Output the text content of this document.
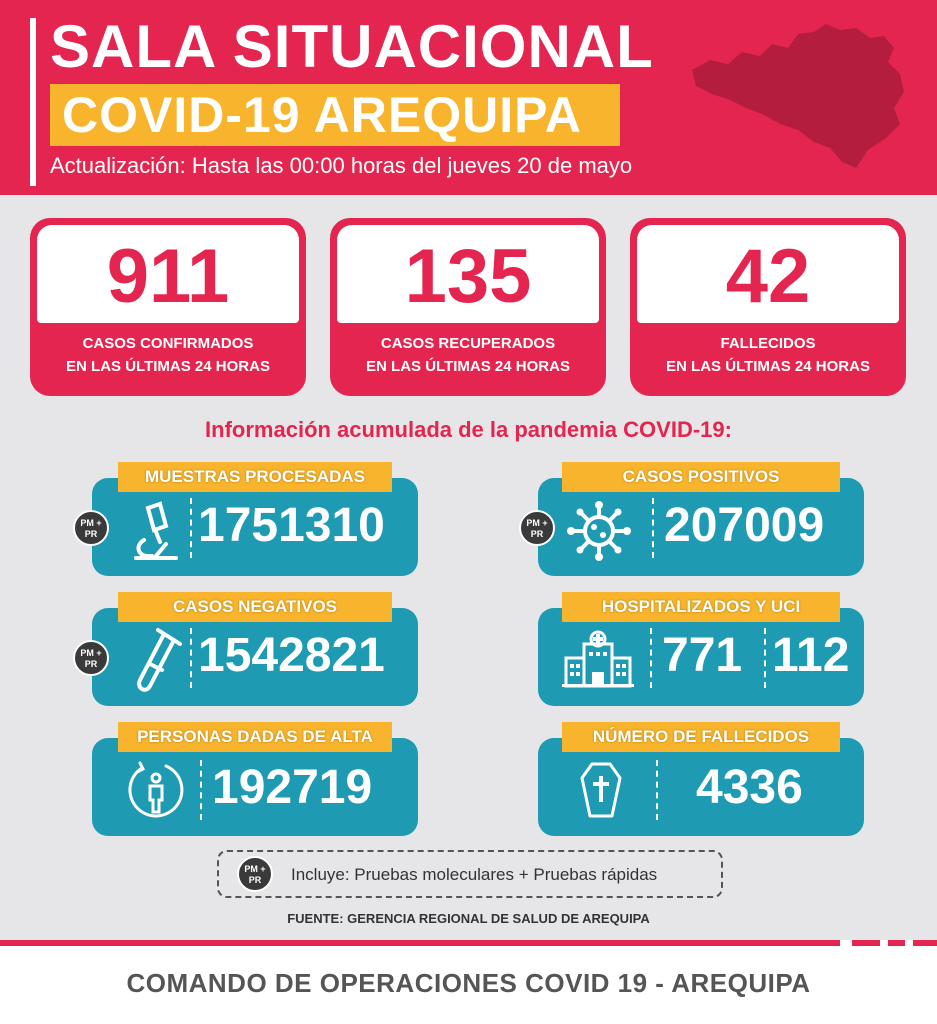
SALA SITUACIONAL
COVID-19 AREQUIPA
Actualización: Hasta las 00:00 horas del jueves 20 de mayo
911
CASOS CONFIRMADOS
EN LAS ÚLTIMAS 24 HORAS
135
CASOS RECUPERADOS
EN LAS ÚLTIMAS 24 HORAS
42
FALLECIDOS
EN LAS ÚLTIMAS 24 HORAS
Información acumulada de la pandemia COVID-19:
MUESTRAS PROCESADAS
PM +
PR 1751310
CASOS POSITIVOS
PM +
PR	207009
CASOS NEGATIVOS
PM +
PR 1542821
HOSPITALIZADOS Y UCI
771 112
PERSONAS DADAS DE ALTA
192719
NÚMERO DE FALLECIDOS
4336
PM +
PR	Incluye: Pruebas moleculares + Pruebas rápidas
FUENTE: GERENCIA REGIONAL DE SALUD DE AREQUIPA
COMANDO DE OPERACIONES COVID 19 - AREQUIPA
